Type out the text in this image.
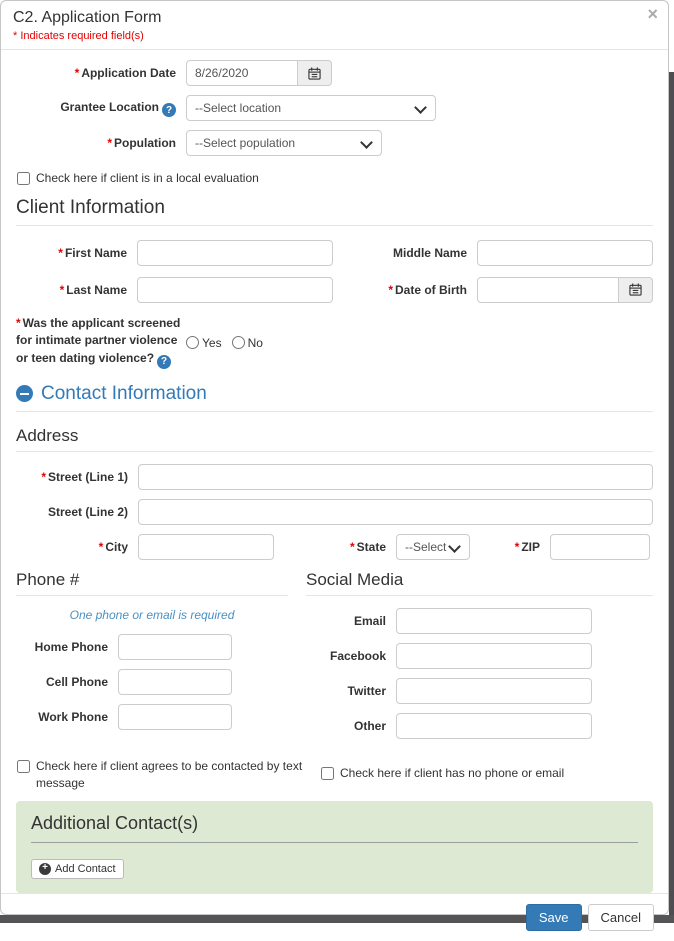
C2. Application Form
* Indicates required field(s)
×
* Application Date
8/26/2020
Grantee Location ?	--Select location
* Population	--Select population
Check here if client is in a local evaluation
Client Information
* First Name	Middle Name
* Last Name	* Date of Birth
* Was the applicant screened for intimate partner violence or teen dating violence??
Yes No
Contact Information
Address
* Street (Line 1)
Street (Line 2)
* City	* State	--Select	* ZIP
Phone #
One phone or email is required
Home Phone
Cell Phone
Work Phone
Social Media
Email
Facebook
Twitter
Other
Check here if client agrees to be contacted by text message
Check here if client has no phone or email
Additional Contact(s)
+
Add Contact
Save	Cancel
